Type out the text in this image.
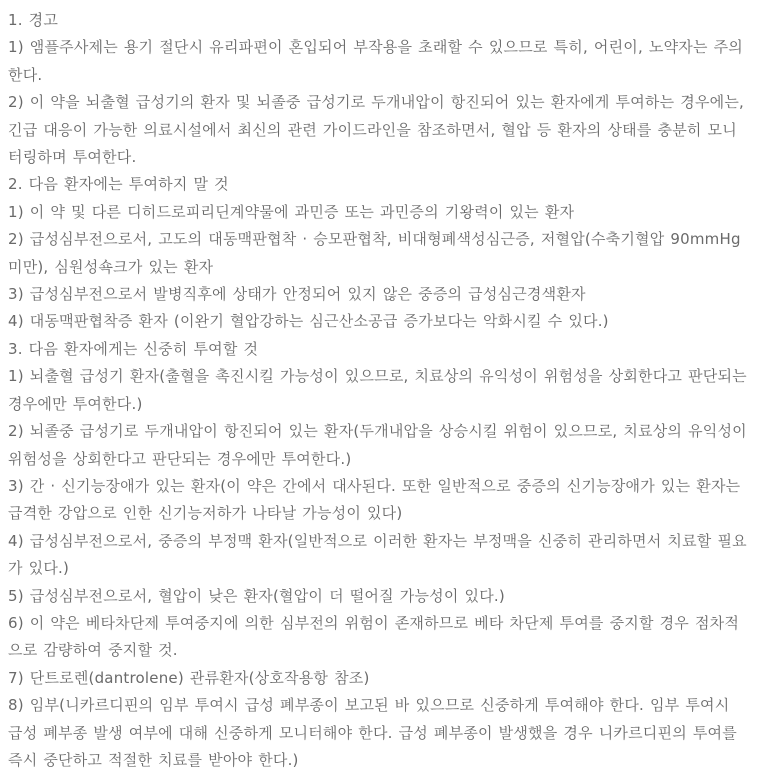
1. 경고

1) 앰플주사제는 용기 절단시 유리파편이 혼입되어 부작용을 초래할 수 있으므로 특히, 어린이, 노약자는 주의한다.

2) 이 약을 뇌출혈 급성기의 환자 및 뇌졸중 급성기로 두개내압이 항진되어 있는 환자에게 투여하는 경우에는, 긴급 대응이 가능한 의료시설에서 최신의 관련 가이드라인을 참조하면서, 혈압 등 환자의 상태를 충분히 모니터링하며 투여한다.

2. 다음 환자에는 투여하지 말 것

1) 이 약 및 다른 디히드로피리딘계약물에 과민증 또는 과민증의 기왕력이 있는 환자

2) 급성심부전으로서, 고도의 대동맥판협착 · 승모판협착, 비대형폐색성심근증, 저혈압(수축기혈압 90mmHg 미만), 심원성쇽크가 있는 환자

3) 급성심부전으로서 발병직후에 상태가 안정되어 있지 않은 중증의 급성심근경색환자

4) 대동맥판협착증 환자 (이완기 혈압강하는 심근산소공급 증가보다는 악화시킬 수 있다.)

3. 다음 환자에게는 신중히 투여할 것

1) 뇌출혈 급성기 환자(출혈을 촉진시킬 가능성이 있으므로, 치료상의 유익성이 위험성을 상회한다고 판단되는 경우에만 투여한다.)

2) 뇌졸중 급성기로 두개내압이 항진되어 있는 환자(두개내압을 상승시킬 위험이 있으므로, 치료상의 유익성이 위험성을 상회한다고 판단되는 경우에만 투여한다.)

3) 간 · 신기능장애가 있는 환자(이 약은 간에서 대사된다. 또한 일반적으로 중증의 신기능장애가 있는 환자는 급격한 강압으로 인한 신기능저하가 나타날 가능성이 있다)

4) 급성심부전으로서, 중증의 부정맥 환자(일반적으로 이러한 환자는 부정맥을 신중히 관리하면서 치료할 필요가 있다.)

5) 급성심부전으로서, 혈압이 낮은 환자(혈압이 더 떨어질 가능성이 있다.)

6) 이 약은 베타차단제 투여중지에 의한 심부전의 위험이 존재하므로 베타 차단제 투여를 중지할 경우 점차적으로 감량하여 중지할 것.

7) 단트로렌(dantrolene) 관류환자(상호작용항 참조)

8) 임부(니카르디핀의 임부 투여시 급성 폐부종이 보고된 바 있으므로 신중하게 투여해야 한다. 임부 투여시 급성 폐부종 발생 여부에 대해 신중하게 모니터해야 한다. 급성 폐부종이 발생했을 경우 니카르디핀의 투여를 즉시 중단하고 적절한 치료를 받아야 한다.)
